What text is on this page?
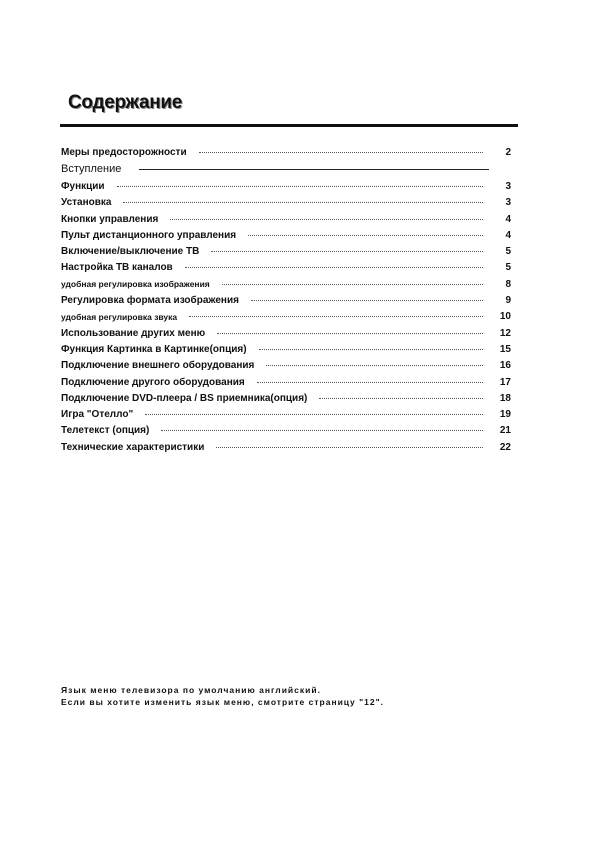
Содержание
Меры предосторожности	2
Вступление
Функции	3
Установка	3
Кнопки управления	4
Пульт дистанционного управления	4
Включение/выключение ТВ	5
Настройка ТВ каналов	5
удобная регулировка изображения	8
Регулировка формата изображения	9
удобная регулировка звука	10
Использование других меню	12
Функция Картинка в Картинке(опция)	15
Подключение внешнего оборудования	16
Подключение другого оборудования	17
Подключение DVD-плеера / BS приемника(опция)	18
Игра "Отелло"	19
Телетекст (опция)	21
Технические характеристики	22
Язык меню телевизора по умолчанию английский.
Если вы хотите изменить язык меню, смотрите страницу "12".
